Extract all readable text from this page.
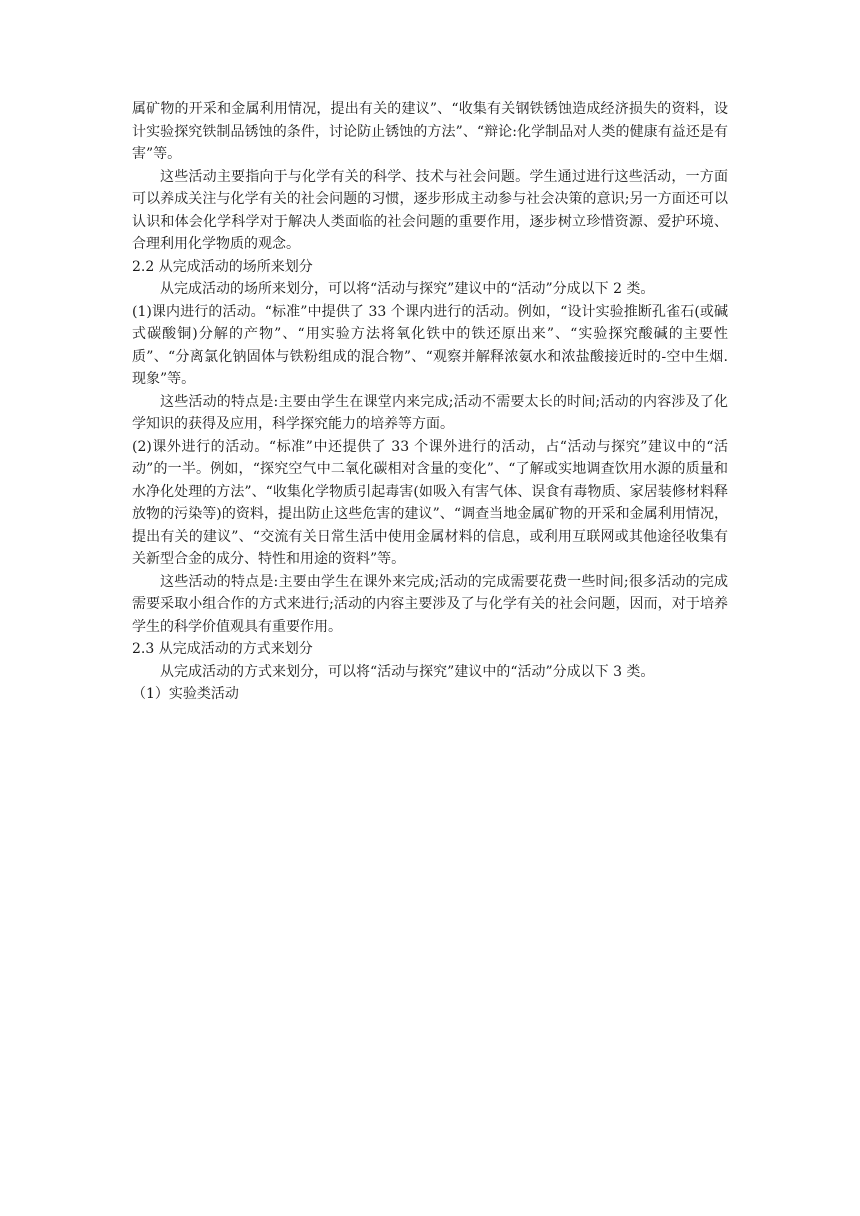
属矿物的开采和金属利用情况，提出有关的建议”、“收集有关钢铁锈蚀造成经济损失的资料，设计实验探究铁制品锈蚀的条件，讨论防止锈蚀的方法”、“辩论:化学制品对人类的健康有益还是有害”等。

这些活动主要指向于与化学有关的科学、技术与社会问题。学生通过进行这些活动，一方面可以养成关注与化学有关的社会问题的习惯，逐步形成主动参与社会决策的意识;另一方面还可以认识和体会化学科学对于解决人类面临的社会问题的重要作用，逐步树立珍惜资源、爱护环境、合理利用化学物质的观念。

2.2 从完成活动的场所来划分

从完成活动的场所来划分，可以将“活动与探究”建议中的“活动”分成以下 2 类。

(1)课内进行的活动。“标准”中提供了 33 个课内进行的活动。例如，“设计实验推断孔雀石(或碱式碳酸铜)分解的产物”、“用实验方法将氧化铁中的铁还原出来”、“实验探究酸碱的主要性质”、“分离氯化钠固体与铁粉组成的混合物”、“观察并解释浓氨水和浓盐酸接近时的-空中生烟.现象”等。

这些活动的特点是:主要由学生在课堂内来完成;活动不需要太长的时间;活动的内容涉及了化学知识的获得及应用，科学探究能力的培养等方面。

(2)课外进行的活动。“标准”中还提供了 33 个课外进行的活动，占“活动与探究”建议中的“活动”的一半。例如，“探究空气中二氧化碳相对含量的变化”、“了解或实地调查饮用水源的质量和水净化处理的方法”、“收集化学物质引起毒害(如吸入有害气体、误食有毒物质、家居装修材料释放物的污染等)的资料，提出防止这些危害的建议”、“调查当地金属矿物的开采和金属利用情况，提出有关的建议”、“交流有关日常生活中使用金属材料的信息，或利用互联网或其他途径收集有关新型合金的成分、特性和用途的资料”等。

这些活动的特点是:主要由学生在课外来完成;活动的完成需要花费一些时间;很多活动的完成需要采取小组合作的方式来进行;活动的内容主要涉及了与化学有关的社会问题，因而，对于培养学生的科学价值观具有重要作用。

2.3 从完成活动的方式来划分

从完成活动的方式来划分，可以将“活动与探究”建议中的“活动”分成以下 3 类。

（1）实验类活动
